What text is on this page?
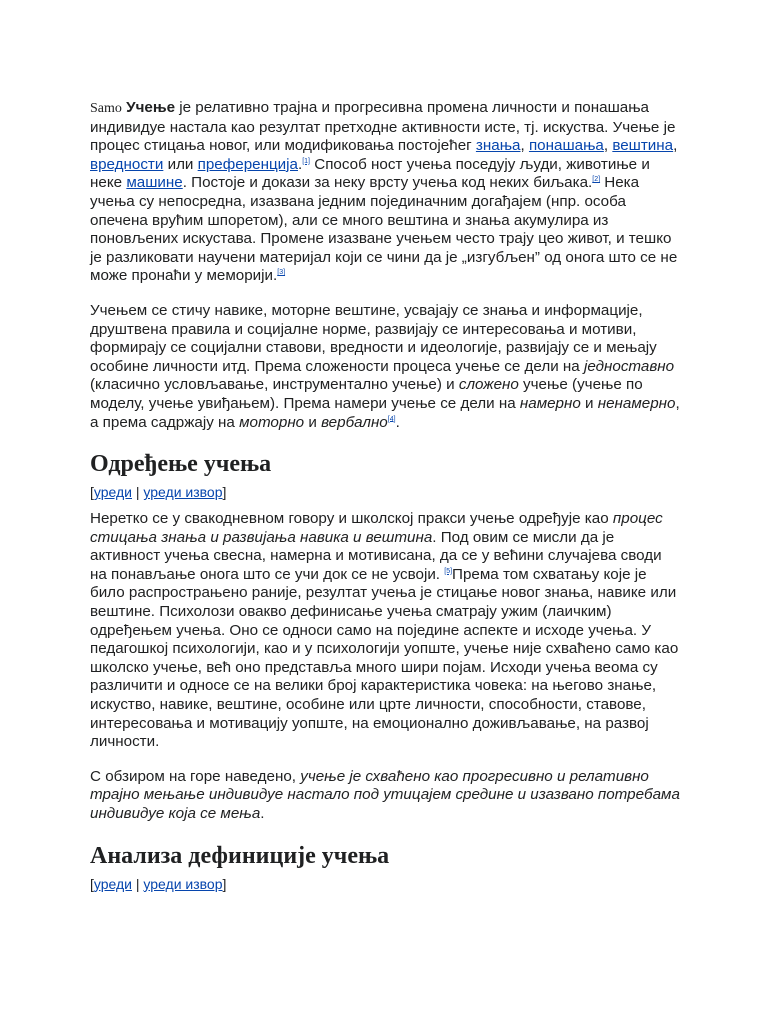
Samo Учење је релативно трајна и прогресивна промена личности и понашања индивидуе настала као резултат претходне активности исте, тј. искуства. Учење је процес стицања новог, или модификовања постојећег знања, понашања, вештина, вредности или преференција.[1] Способ ност учења поседују људи, животиње и неке машине. Постоје и докази за неку врсту учења код неких биљака.[2] Нека учења су непосредна, изазвана једним појединачним догађајем (нпр. особа опечена врућим шпоретом), али се много вештина и знања акумулира из поновљених искустава. Промене изазване учењем често трају цео живот, и тешко је разликовати научени материјал који се чини да је „изгубљен” од онога што се не може пронаћи у меморији.[3]

Учењем се стичу навике, моторне вештине, усвајају се знања и информације, друштвена правила и социјалне норме, развијају се интересовања и мотиви, формирају се социјални ставови, вредности и идеологије, развијају се и мењају особине личности итд. Према сложености процеса учење се дели на једноставно (класично условљавање, инструментално учење) и сложено учење (учење по моделу, учење увиђањем). Према намери учење се дели на намерно и ненамерно, а према садржају на моторно и вербално[4].

Одређење учења
[уреди | уреди извор]

Неретко се у свакодневном говору и школској пракси учење одређује као процес стицања знања и развијања навика и вештина. Под овим се мисли да је активност учења свесна, намерна и мотивисана, да се у већини случајева своди на понављање онога што се учи док се не усвоји. [5]Према том схватању које је било распрострањено раније, резултат учења је стицање новог знања, навике или вештине. Психолози овакво дефинисање учења сматрају ужим (лаичким) одређењем учења. Оно се односи само на поједине аспекте и исходе учења. У педагошкој психологији, као и у психологији уопште, учење није схваћено само као школско учење, већ оно представља много шири појам. Исходи учења веома су различити и односе се на велики број карактеристика човека: на његово знање, искуство, навике, вештине, особине или црте личности, способности, ставове, интересовања и мотивацију уопште, на емоционално доживљавање, на развој личности.

С обзиром на горе наведено, учење је схваћено као прогресивно и релативно трајно мењање индивидуе настало под утицајем средине и изазвано потребама индивидуе која се мења.

Анализа дефиниције учења
[уреди | уреди извор]
